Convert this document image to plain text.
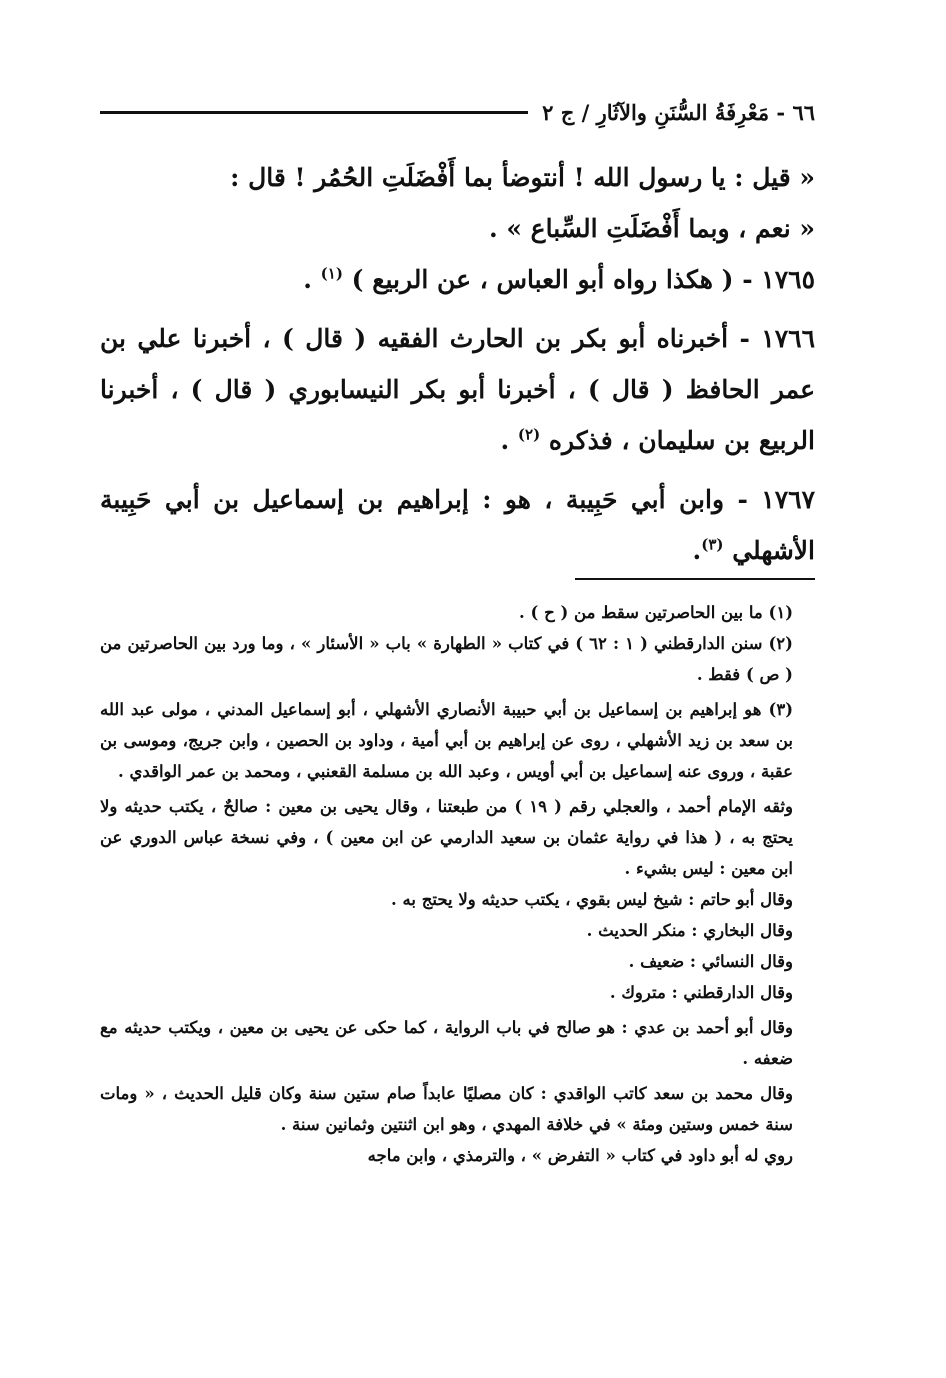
٦٦ - مَعْرِفَةُ السُّنَنِ والآثَارِ / ج ٢

« قيل : يا رسول الله ! أنتوضأ بما أَفْضَلَتِ الحُمُر ! قال :

« نعم ، وبما أَفْضَلَتِ السِّباع » .

١٧٦٥ - ( هكذا رواه أبو العباس ، عن الربيع ) $^{(١)}$ .

١٧٦٦ - أخبرناه أبو بكر بن الحارث الفقيه ( قال ) ، أخبرنا علي بن عمر الحافظ ( قال ) ، أخبرنا أبو بكر النيسابوري ( قال ) ، أخبرنا الربيع بن سليمان ، فذكره $^{(٢)}$ .

١٧٦٧ - وابن أبي حَبِيبة ، هو : إبراهيم بن إسماعيل بن أبي حَبِيبة الأشهلي $^{(٣)}$.

(١) ما بين الحاصرتين سقط من ( ح ) .

(٢) سنن الدارقطني ( ١ : ٦٢ ) في كتاب « الطهارة » باب « الأسئار » ، وما ورد بين الحاصرتين من ( ص ) فقط .

(٣) هو إبراهيم بن إسماعيل بن أبي حبيبة الأنصاري الأشهلي ، أبو إسماعيل المدني ، مولى عبد الله بن سعد بن زيد الأشهلي ، روى عن إبراهيم بن أبي أمية ، وداود بن الحصين ، وابن جريج، وموسى بن عقبة ، وروى عنه إسماعيل بن أبي أويس ، وعبد الله بن مسلمة القعنبي ، ومحمد بن عمر الواقدي .

وثقه الإمام أحمد ، والعجلي رقم ( ١٩ ) من طبعتنا ، وقال يحيى بن معين : صالحٌ ، يكتب حديثه ولا يحتج به ، ( هذا في رواية عثمان بن سعيد الدارمي عن ابن معين ) ، وفي نسخة عباس الدوري عن ابن معين : ليس بشيء .

وقال أبو حاتم : شيخ ليس بقوي ، يكتب حديثه ولا يحتج به .

وقال البخاري : منكر الحديث .

وقال النسائي : ضعيف .

وقال الدارقطني : متروك .

وقال أبو أحمد بن عدي : هو صالح في باب الرواية ، كما حكى عن يحيى بن معين ، ويكتب حديثه مع ضعفه .

وقال محمد بن سعد كاتب الواقدي : كان مصليًا عابداً صام ستين سنة وكان قليل الحديث ، « ومات سنة خمس وستين ومئة » في خلافة المهدي ، وهو ابن اثنتين وثمانين سنة .

روي له أبو داود في كتاب « التفرض » ، والترمذي ، وابن ماجه
